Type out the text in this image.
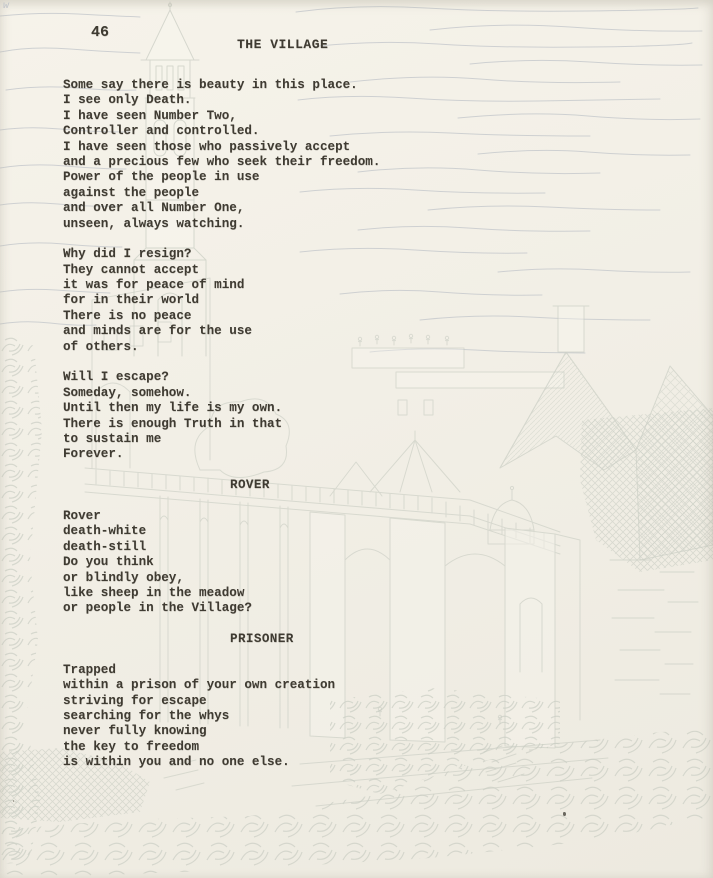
w
46
THE VILLAGE
Some say there is beauty in this place.
I see only Death.
I have seen Number Two,
Controller and controlled.
I have seen those who passively accept
and a precious few who seek their freedom.
Power of the people in use
against the people
and over all Number One,
unseen, always watching.
Why did I resign?
They cannot accept
it was for peace of mind
for in their world
There is no peace
and minds are for the use
of others.
Will I escape?
Someday, somehow.
Until then my life is my own.
There is enough Truth in that
to sustain me
Forever.
ROVER
Rover
death-white
death-still
Do you think
or blindly obey,
like sheep in the meadow
or people in the Village?
PRISONER
Trapped
within a prison of your own creation
striving for escape
searching for the whys
never fully knowing
the key to freedom
is within you and no one else.
